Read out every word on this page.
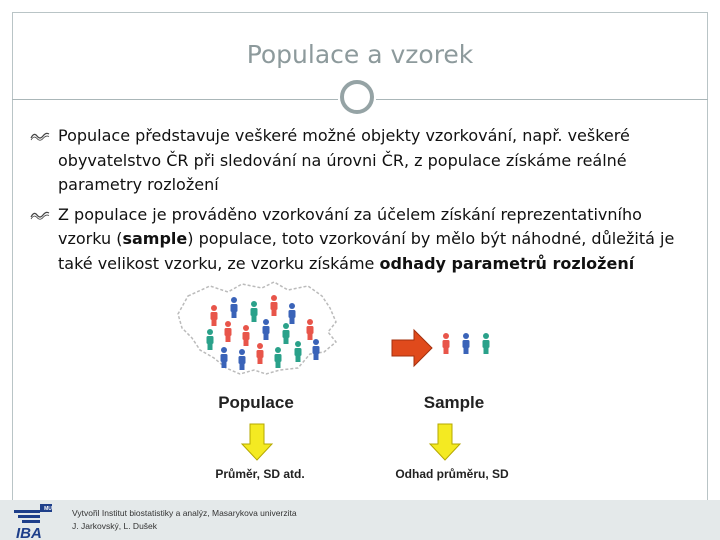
Populace a vzorek
Populace představuje veškeré možné objekty vzorkování, např. veškeré obyvatelstvo ČR při sledování na úrovni ČR, z populace získáme reálné parametry rozložení
Z populace je prováděno vzorkování za účelem získání reprezentativního vzorku (sample) populace, toto vzorkování by mělo být náhodné, důležitá je také velikost vzorku, ze vzorku získáme odhady parametrů rozložení
Populace	Sample
Průměr, SD atd.	Odhad průměru, SD
MU
IBA
Vytvořil Institut biostatistiky a analýz, Masarykova univerzita
J. Jarkovský, L. Dušek
